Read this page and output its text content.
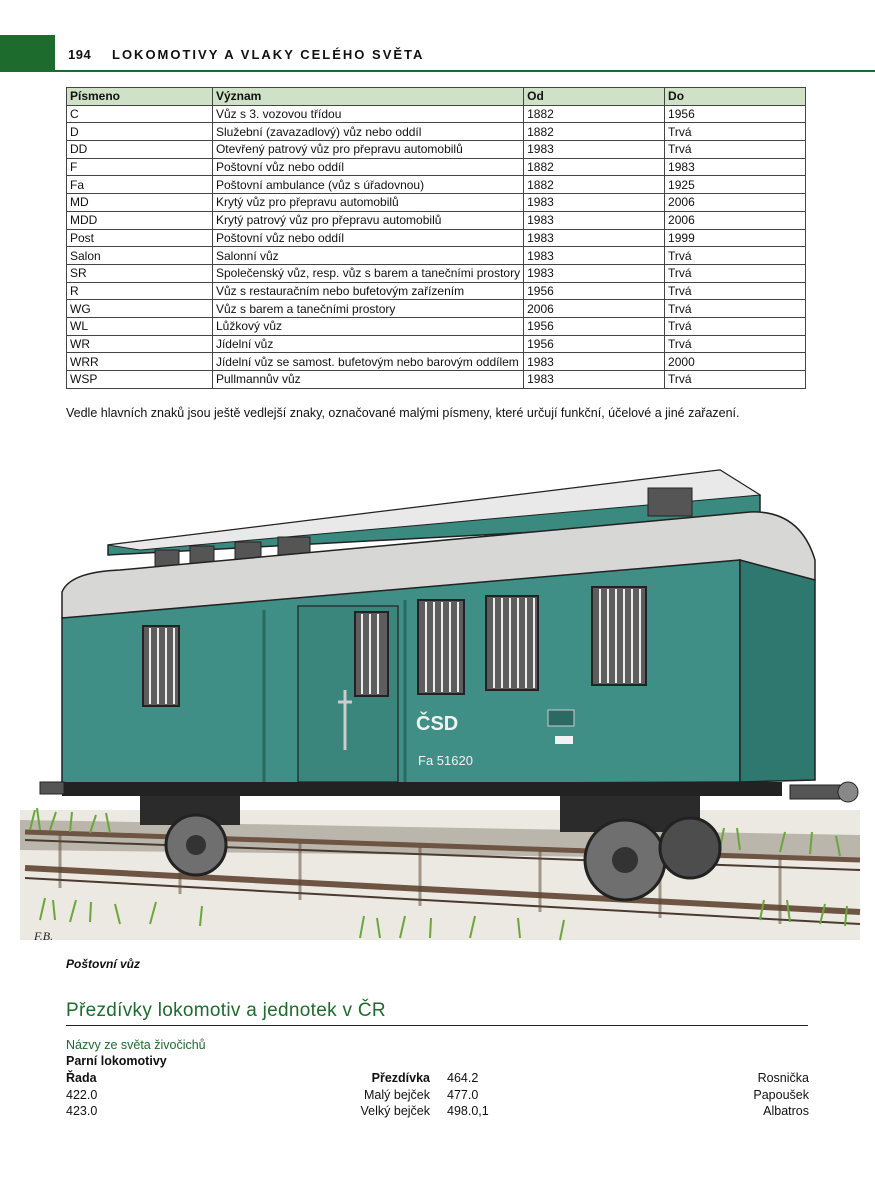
194 LOKOMOTIVY A VLAKY CELÉHO SVĚTA
Písmeno	Význam	Od	Do
C	Vůz s 3. vozovou třídou	1882	1956
D	Služební (zavazadlový) vůz nebo oddíl	1882	Trvá
DD	Otevřený patrový vůz pro přepravu automobilů	1983	Trvá
F	Poštovní vůz nebo oddíl	1882	1983
Fa	Poštovní ambulance (vůz s úřadovnou)	1882	1925
MD	Krytý vůz pro přepravu automobilů	1983	2006
MDD	Krytý patrový vůz pro přepravu automobilů	1983	2006
Post	Poštovní vůz nebo oddíl	1983	1999
Salon	Salonní vůz	1983	Trvá
SR	Společenský vůz, resp. vůz s barem a tanečními prostory	1983	Trvá
R	Vůz s restauračním nebo bufetovým zařízením	1956	Trvá
WG	Vůz s barem a tanečními prostory	2006	Trvá
WL	Lůžkový vůz	1956	Trvá
WR	Jídelní vůz	1956	Trvá
WRR	Jídelní vůz se samost. bufetovým nebo barovým oddílem	1983	2000
WSP	Pullmannův vůz	1983	Trvá
Vedle hlavních znaků jsou ještě vedlejší znaky, označované malými písmeny, které určují funkční, účelové a jiné zařazení.
ČSD
Fa 51620
F.B.
Poštovní vůz
Přezdívky lokomotiv a jednotek v ČR
Názvy ze světa živočichů
Parní lokomotivy
Řada	Přezdívka
422.0	Malý bejček
423.0	Velký bejček
464.2	Rosnička
477.0	Papoušek
498.0,1	Albatros
